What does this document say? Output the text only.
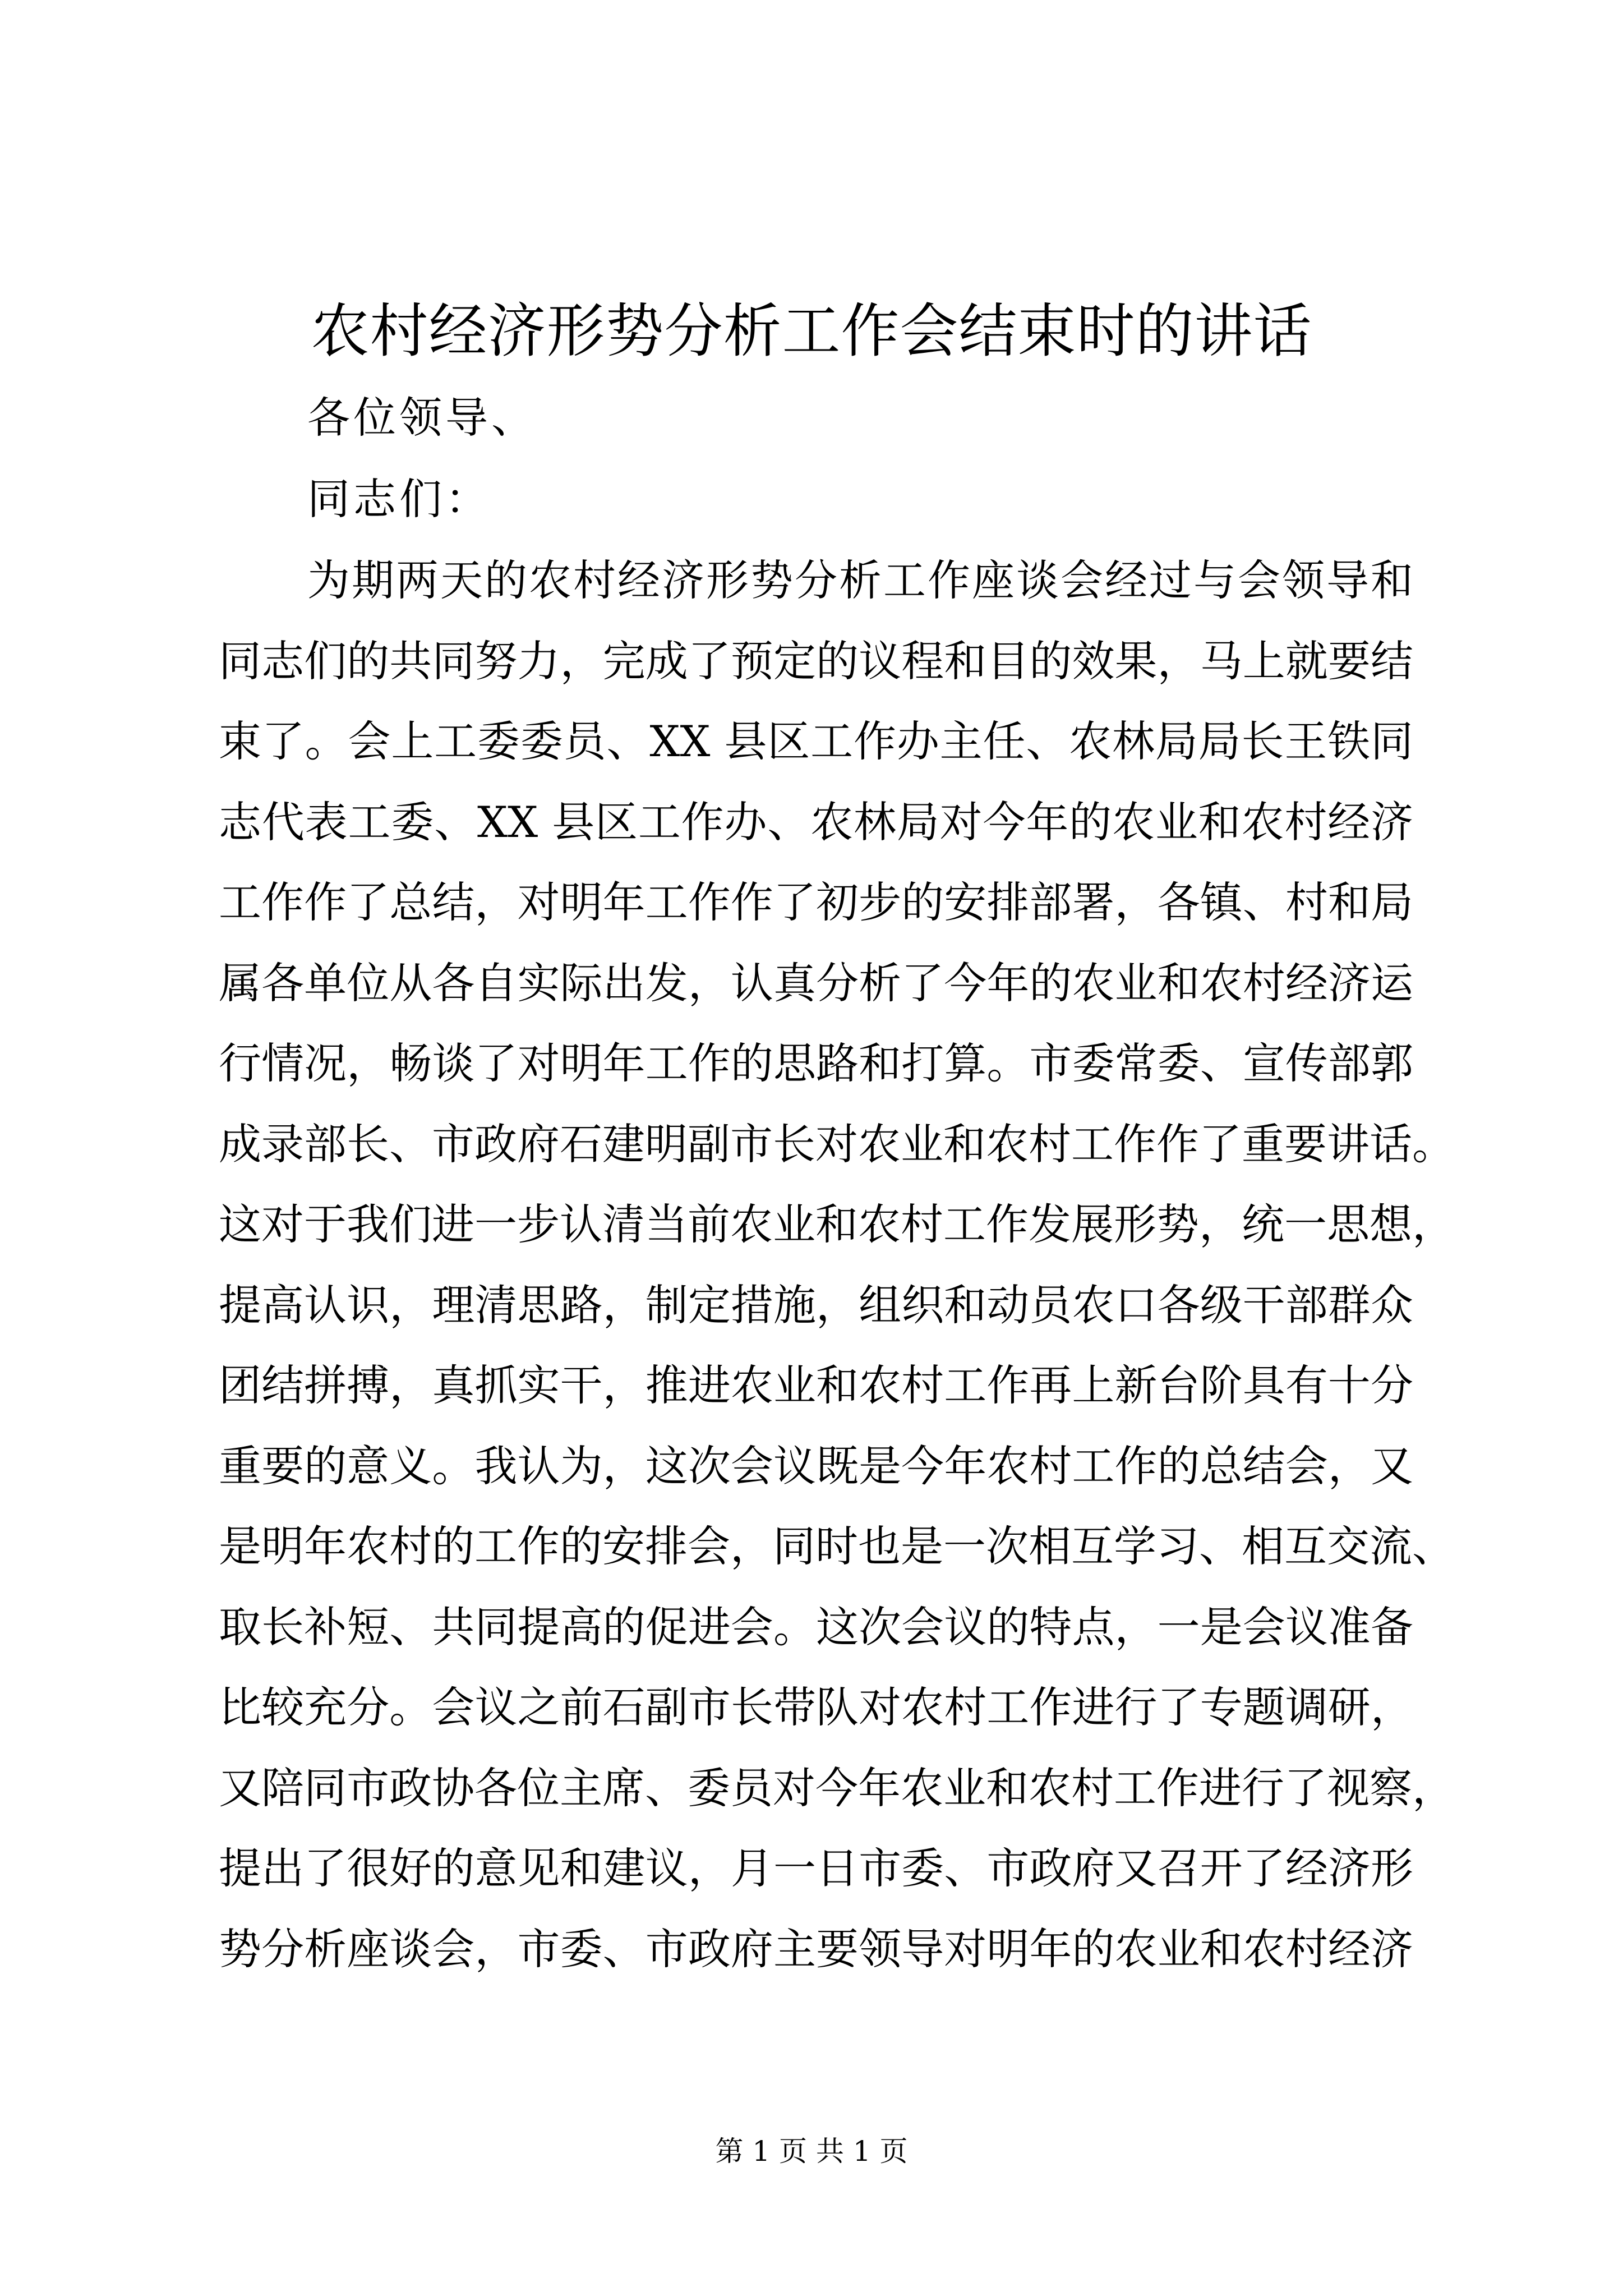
农村经济形势分析工作会结束时的讲话
各位领导、
同志们：
为期两天的农村经济形势分析工作座谈会经过与会领导和
同志们的共同努力，完成了预定的议程和目的效果，马上就要结
束了。会上工委委员、XX 县区工作办主任、农林局局长王铁同
志代表工委、XX 县区工作办、农林局对今年的农业和农村经济
工作作了总结，对明年工作作了初步的安排部署，各镇、村和局
属各单位从各自实际出发，认真分析了今年的农业和农村经济运
行情况，畅谈了对明年工作的思路和打算。市委常委、宣传部郭
成录部长、市政府石建明副市长对农业和农村工作作了重要讲话。
这对于我们进一步认清当前农业和农村工作发展形势，统一思想，
提高认识，理清思路，制定措施，组织和动员农口各级干部群众
团结拼搏，真抓实干，推进农业和农村工作再上新台阶具有十分
重要的意义。我认为，这次会议既是今年农村工作的总结会，又
是明年农村的工作的安排会，同时也是一次相互学习、相互交流、
取长补短、共同提高的促进会。这次会议的特点，一是会议准备
比较充分。会议之前石副市长带队对农村工作进行了专题调研，
又陪同市政协各位主席、委员对今年农业和农村工作进行了视察，
提出了很好的意见和建议，月一日市委、市政府又召开了经济形
势分析座谈会，市委、市政府主要领导对明年的农业和农村经济
第 1 页 共 1 页
